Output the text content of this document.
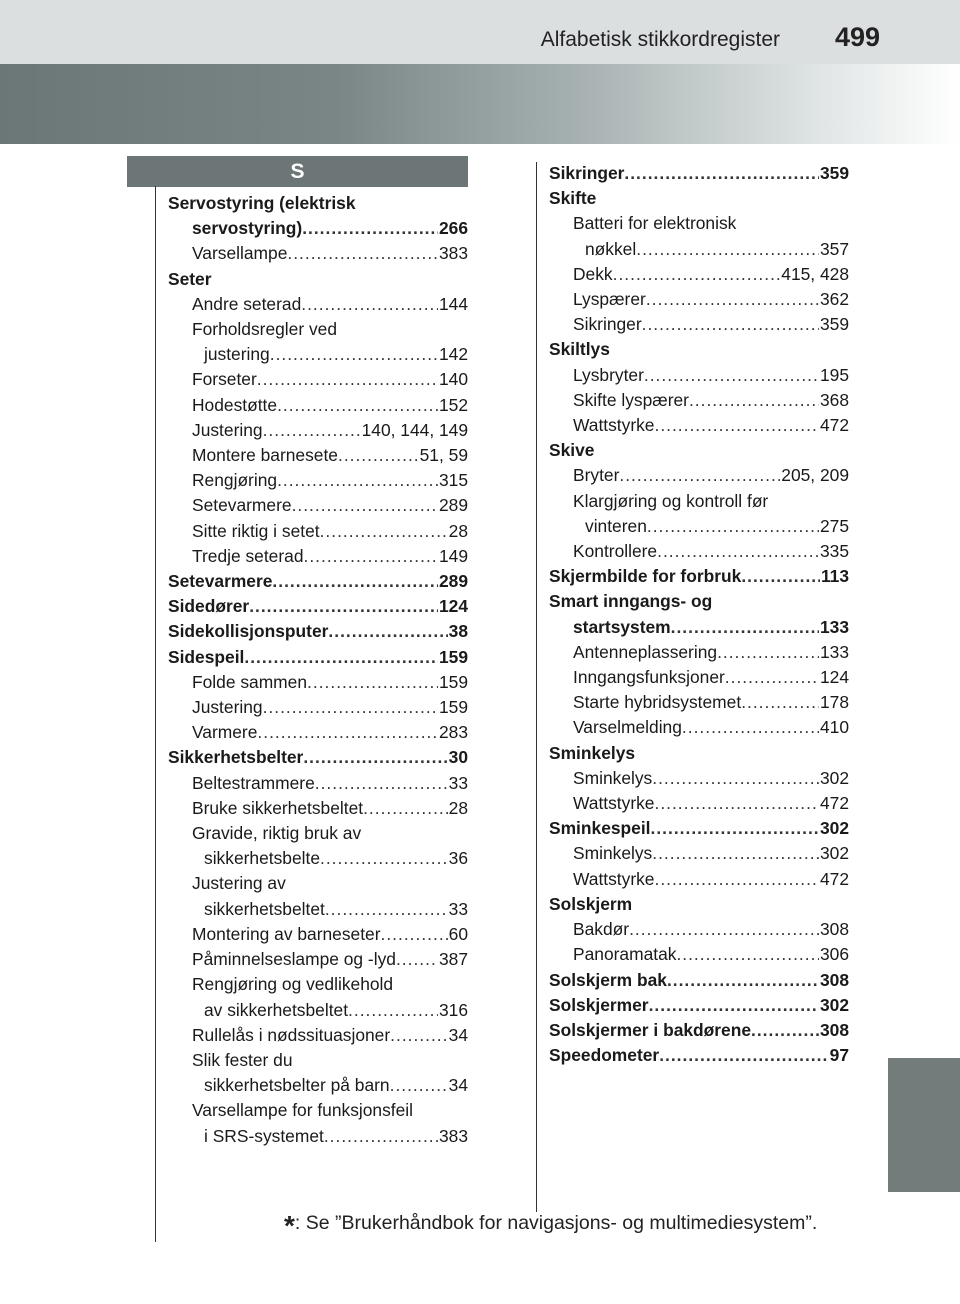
Alfabetisk stikkordregister 499
S
Servostyring (elektrisk
servostyring) .....	266
Varsellampe .....	383
Seter
Andre seterad .....	144
Forholdsregler ved
justering .....	142
Forseter .....	140
Hodestøtte .....	152
Justering .....	140, 144, 149
Montere barnesete .....	51, 59
Rengjøring .....	315
Setevarmere .....	289
Sitte riktig i setet .....	28
Tredje seterad .....	149
Setevarmere .....	289
Sidedører .....	124
Sidekollisjonsputer .....	38
Sidespeil .....	159
Folde sammen .....	159
Justering .....	159
Varmere .....	283
Sikkerhetsbelter .....	30
Beltestrammere .....	33
Bruke sikkerhetsbeltet .....	28
Gravide, riktig bruk av
sikkerhetsbelte .....	36
Justering av
sikkerhetsbeltet .....	33
Montering av barneseter .....	60
Påminnelseslampe og -lyd ..... 387
Rengjøring og vedlikehold
av sikkerhetsbeltet .....	316
Rullelås i nødssituasjoner .....	34
Slik fester du
sikkerhetsbelter på barn .....	34
Varsellampe for funksjonsfeil
i SRS-systemet .....	383
Sikringer .....	359
Skifte
Batteri for elektronisk
nøkkel .....	357
Dekk .....	415, 428
Lyspærer .....	362
Sikringer .....	359
Skiltlys
Lysbryter .....	195
Skifte lyspærer .....	368
Wattstyrke .....	472
Skive
Bryter .....	205, 209
Klargjøring og kontroll før
vinteren .....	275
Kontrollere .....	335
Skjermbilde for forbruk .....	113
Smart inngangs- og
startsystem .....	133
Antenneplassering .....	133
Inngangsfunksjoner .....	124
Starte hybridsystemet .....	178
Varselmelding .....	410
Sminkelys
Sminkelys .....	302
Wattstyrke .....	472
Sminkespeil .....	302
Sminkelys .....	302
Wattstyrke .....	472
Solskjerm
Bakdør .....	308
Panoramatak .....	306
Solskjerm bak .....	308
Solskjermer .....	302
Solskjermer i bakdørene .....	308
Speedometer .....	97
*: Se ”Brukerhåndbok for navigasjons- og multimediesystem”.
